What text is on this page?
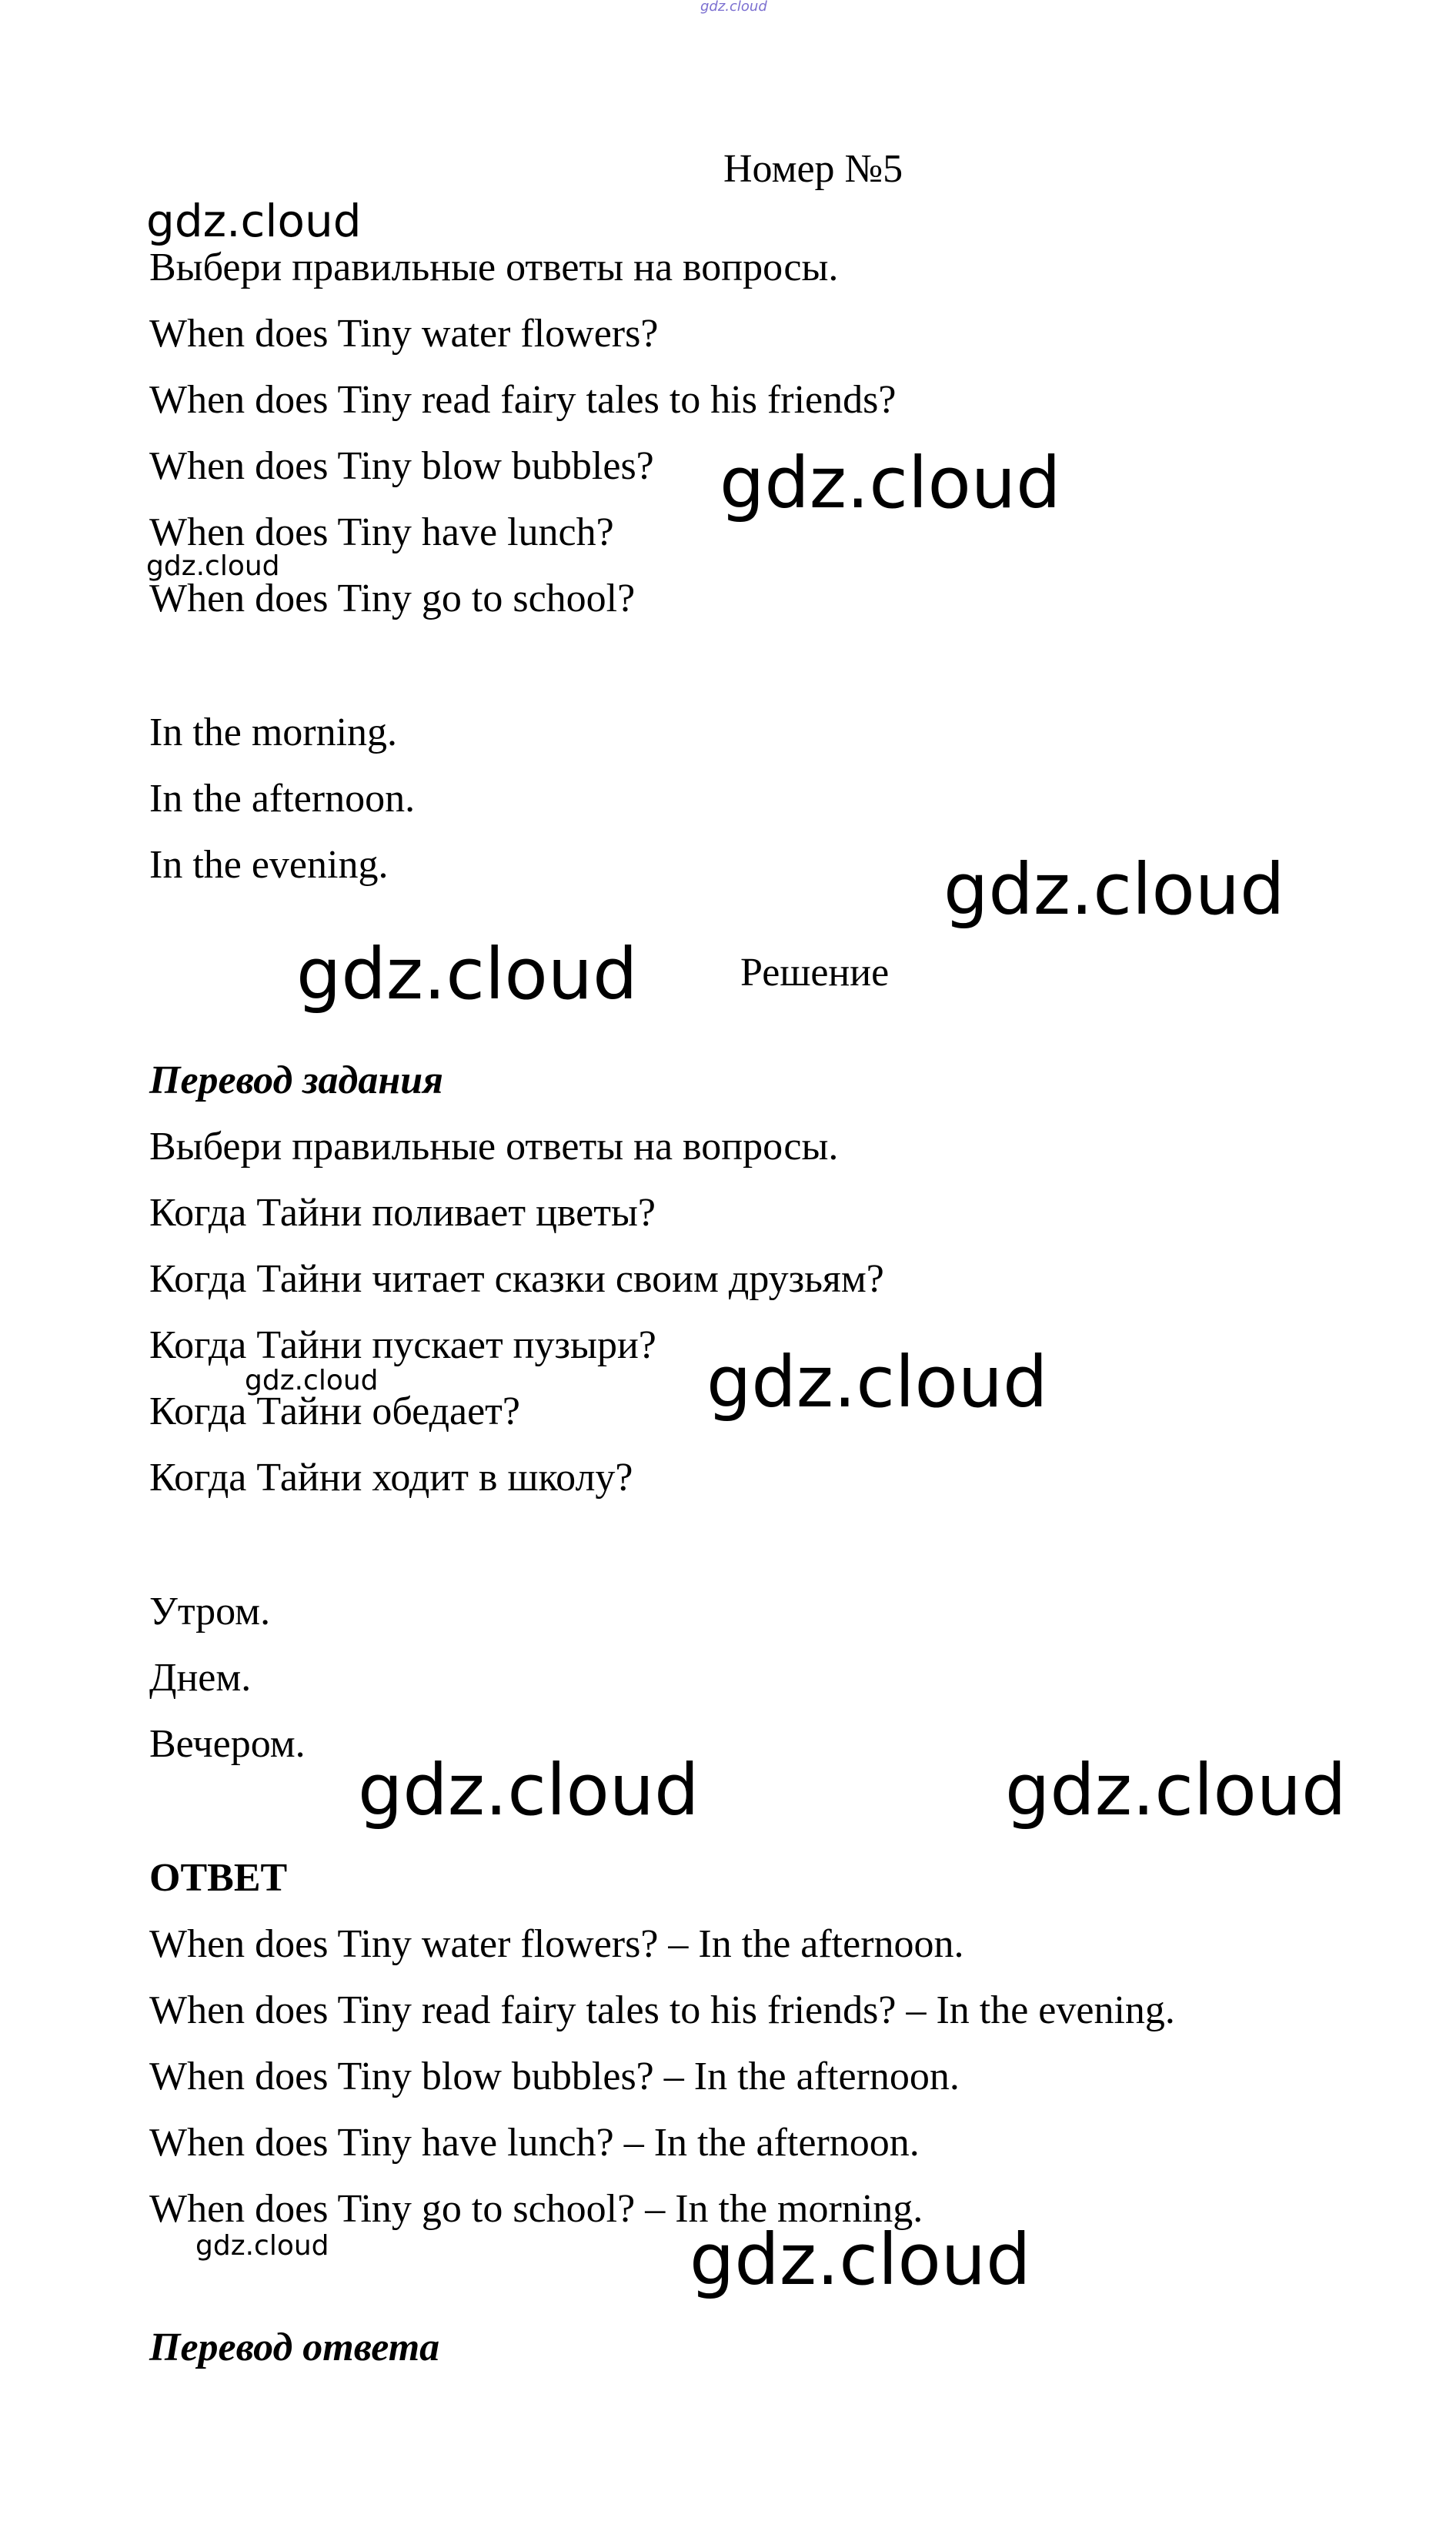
gdz.cloud
Номер №5
gdz.cloud
Выбери правильные ответы на вопросы.
When does Tiny water flowers?
When does Tiny read fairy tales to his friends?
When does Tiny blow bubbles?
When does Tiny have lunch?
When does Tiny go to school?
gdz.cloud
gdz.cloud
In the morning.
In the afternoon.
In the evening.	gdz.cloud
gdz.cloud	Решение
Перевод задания
Выбери правильные ответы на вопросы.
Когда Тайни поливает цветы?
Когда Тайни читает сказки своим друзьям?
Когда Тайни пускает пузыри?
Когда Тайни обедает?
Когда Тайни ходит в школу?
gdz.cloud
gdz.cloud
Утром.
Днем.
Вечером.
gdz.cloud	gdz.cloud
ОТВЕТ
When does Tiny water flowers? – In the afternoon.
When does Tiny read fairy tales to his friends? – In the evening.
When does Tiny blow bubbles? – In the afternoon.
When does Tiny have lunch? – In the afternoon.
When does Tiny go to school? – In the morning.
gdz.cloud	gdz.cloud
Перевод ответа
